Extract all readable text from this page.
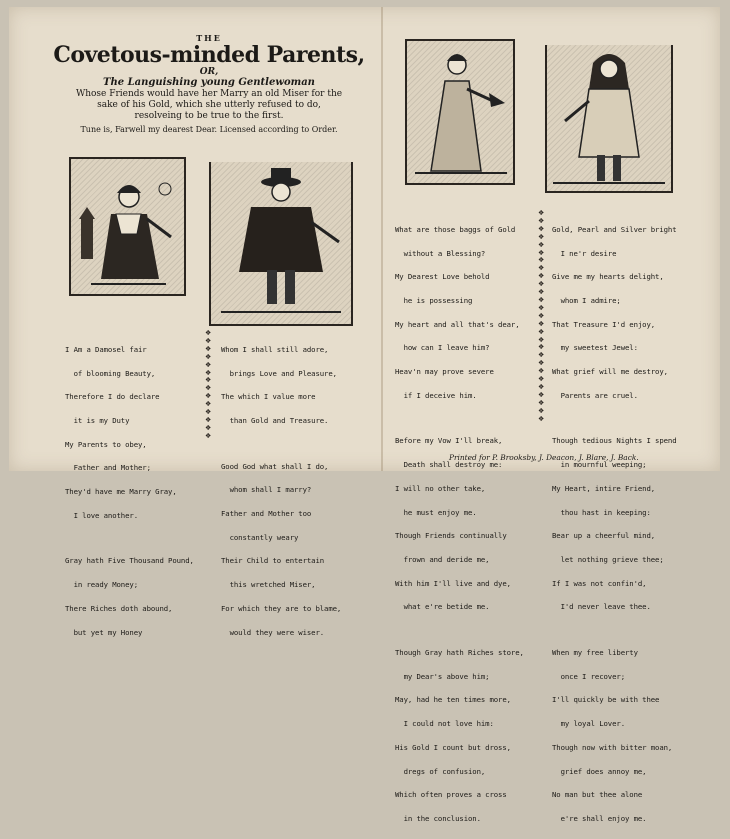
THE
Covetous-minded Parents,
OR,
The Languishing young Gentlewoman
Whose Friends would have her Marry an old Miser for the
sake of his Gold, which she utterly refused to do,
resolveing to be true to the first.
Tune is, Farwell my dearest Dear. Licensed according to Order.

I Am a Damosel fair

of blooming Beauty,

Therefore I do declare

it is my Duty

My Parents to obey,

Father and Mother;

They'd have me Marry Gray,

I love another.

Gray hath Five Thousand Pound,

in ready Money;

There Riches doth abound,

but yet my Honey

❖
❖
❖
❖
❖
❖
❖
❖
❖
❖
❖
❖
❖
❖

Whom I shall still adore,

brings Love and Pleasure,

The which I value more

than Gold and Treasure.

Good God what shall I do,

whom shall I marry?

Father and Mother too

constantly weary

Their Child to entertain

this wretched Miser,

For which they are to blame,

would they were wiser.

What are those baggs of Gold

without a Blessing?

My Dearest Love behold

he is possessing

My heart and all that's dear,

how can I leave him?

Heav'n may prove severe

if I deceive him.

Before my Vow I'll break,

Death shall destroy me:

I will no other take,

he must enjoy me.

Though Friends continually

frown and deride me,

With him I'll live and dye,

what e're betide me.

Though Gray hath Riches store,

my Dear's above him;

May, had he ten times more,

I could not love him:

His Gold I count but dross,

dregs of confusion,

Which often proves a cross

in the conclusion.

❖
❖
❖
❖
❖
❖
❖
❖
❖
❖
❖
❖
❖
❖
❖
❖
❖
❖
❖
❖
❖
❖
❖
❖
❖
❖
❖

Gold, Pearl and Silver bright

I ne'r desire

Give me my hearts delight,

whom I admire;

That Treasure I'd enjoy,

my sweetest Jewel:

What grief will me destroy,

Parents are cruel.

Though tedious Nights I spend

in mournful weeping;

My Heart, intire Friend,

thou hast in keeping:

Bear up a cheerful mind,

let nothing grieve thee;

If I was not confin'd,

I'd never leave thee.

When my free liberty

once I recover;

I'll quickly be with thee

my loyal Lover.

Though now with bitter moan,

grief does annoy me,

No man but thee alone

e're shall enjoy me.

Printed for P. Brooksby, J. Deacon, J. Blare, J. Back.
